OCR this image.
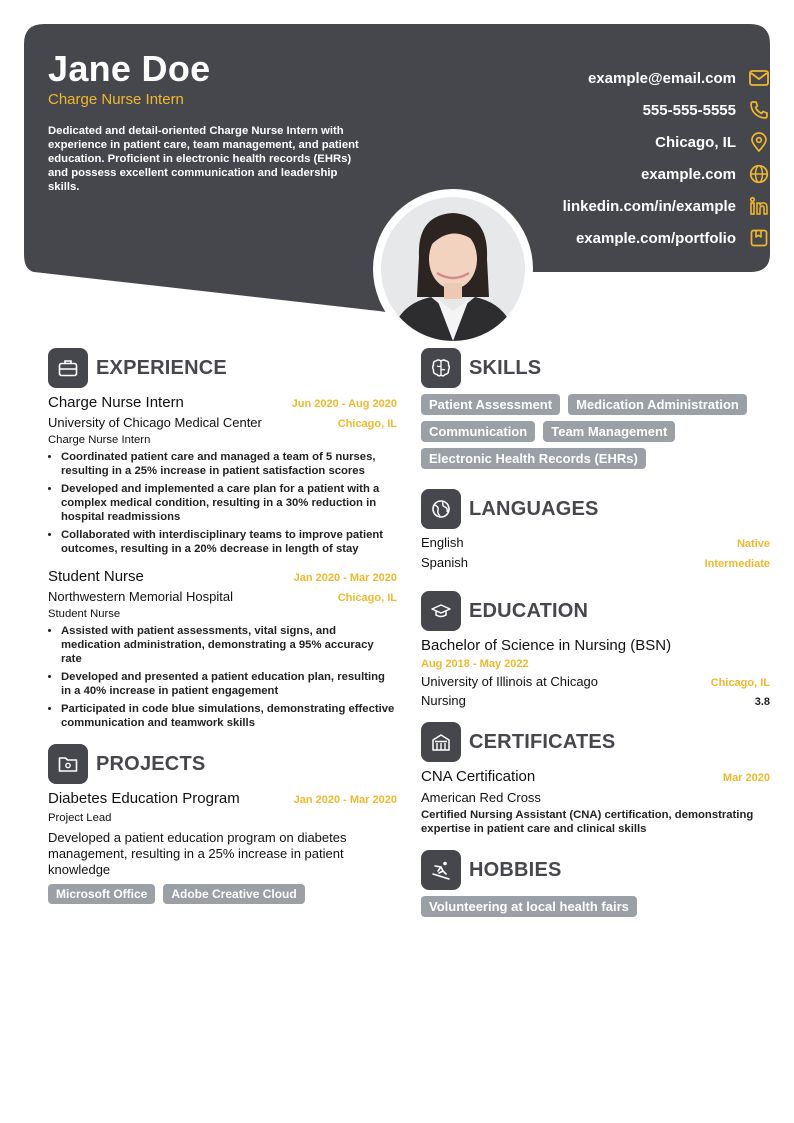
Jane Doe
Charge Nurse Intern
Dedicated and detail-oriented Charge Nurse Intern with experience in patient care, team management, and patient education. Proficient in electronic health records (EHRs) and possess excellent communication and leadership skills.
example@email.com
555-555-5555
Chicago, IL
example.com
linkedin.com/in/example
example.com/portfolio
EXPERIENCE
Charge Nurse Intern	Jun 2020 - Aug 2020
University of Chicago Medical Center	Chicago, IL
Charge Nurse Intern
• Coordinated patient care and managed a team of 5 nurses, resulting in a 25% increase in patient satisfaction scores
• Developed and implemented a care plan for a patient with a complex medical condition, resulting in a 30% reduction in hospital readmissions
• Collaborated with interdisciplinary teams to improve patient outcomes, resulting in a 20% decrease in length of stay
Student Nurse	Jan 2020 - Mar 2020
Northwestern Memorial Hospital	Chicago, IL
Student Nurse
• Assisted with patient assessments, vital signs, and medication administration, demonstrating a 95% accuracy rate
• Developed and presented a patient education plan, resulting in a 40% increase in patient engagement
• Participated in code blue simulations, demonstrating effective communication and teamwork skills
PROJECTS
Diabetes Education Program	Jan 2020 - Mar 2020
Project Lead
Developed a patient education program on diabetes management, resulting in a 25% increase in patient knowledge
Microsoft Office	Adobe Creative Cloud
SKILLS
Patient Assessment	Medication Administration
Communication	Team Management
Electronic Health Records (EHRs)
LANGUAGES
English	Native
Spanish	Intermediate
EDUCATION
Bachelor of Science in Nursing (BSN)
Aug 2018 - May 2022
University of Illinois at Chicago	Chicago, IL
Nursing	3.8
CERTIFICATES
CNA Certification	Mar 2020
American Red Cross
Certified Nursing Assistant (CNA) certification, demonstrating expertise in patient care and clinical skills
HOBBIES
Volunteering at local health fairs
